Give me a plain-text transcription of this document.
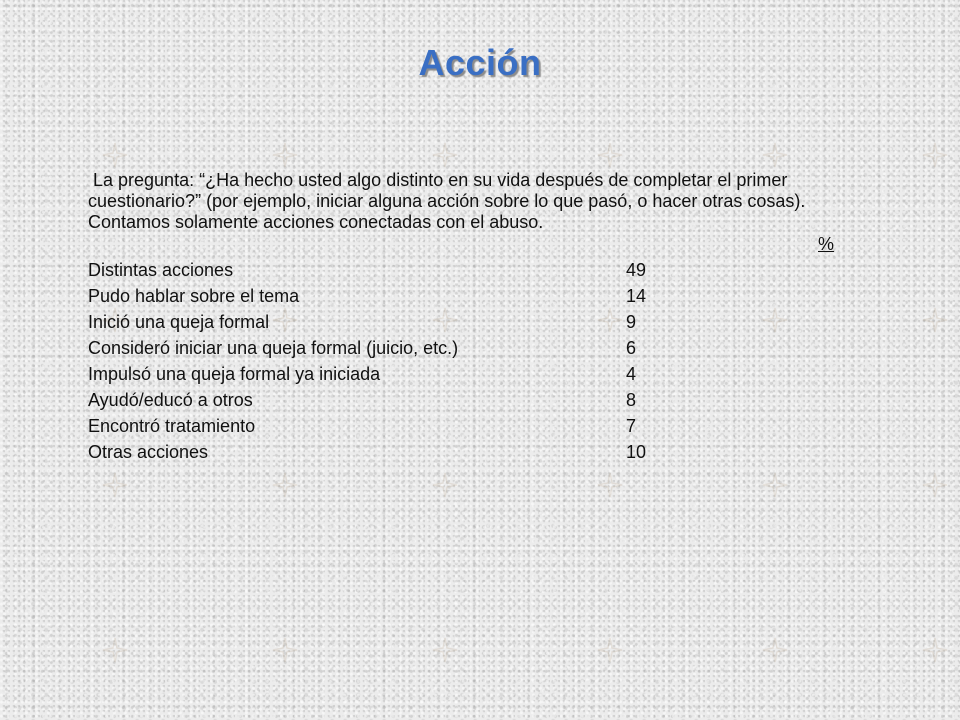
Acción

La pregunta: “¿Ha hecho usted algo distinto en su vida después de completar el primer cuestionario?” (por ejemplo, iniciar alguna acción sobre lo que pasó, o hacer otras cosas). Contamos solamente acciones conectadas con el abuso.

%
Distintas acciones	49
Pudo hablar sobre el tema	14
Inició una queja formal	9
Consideró iniciar una queja formal (juicio, etc.)	6
Impulsó una queja formal ya iniciada	4
Ayudó/educó a otros	8
Encontró tratamiento	7
Otras acciones	10
